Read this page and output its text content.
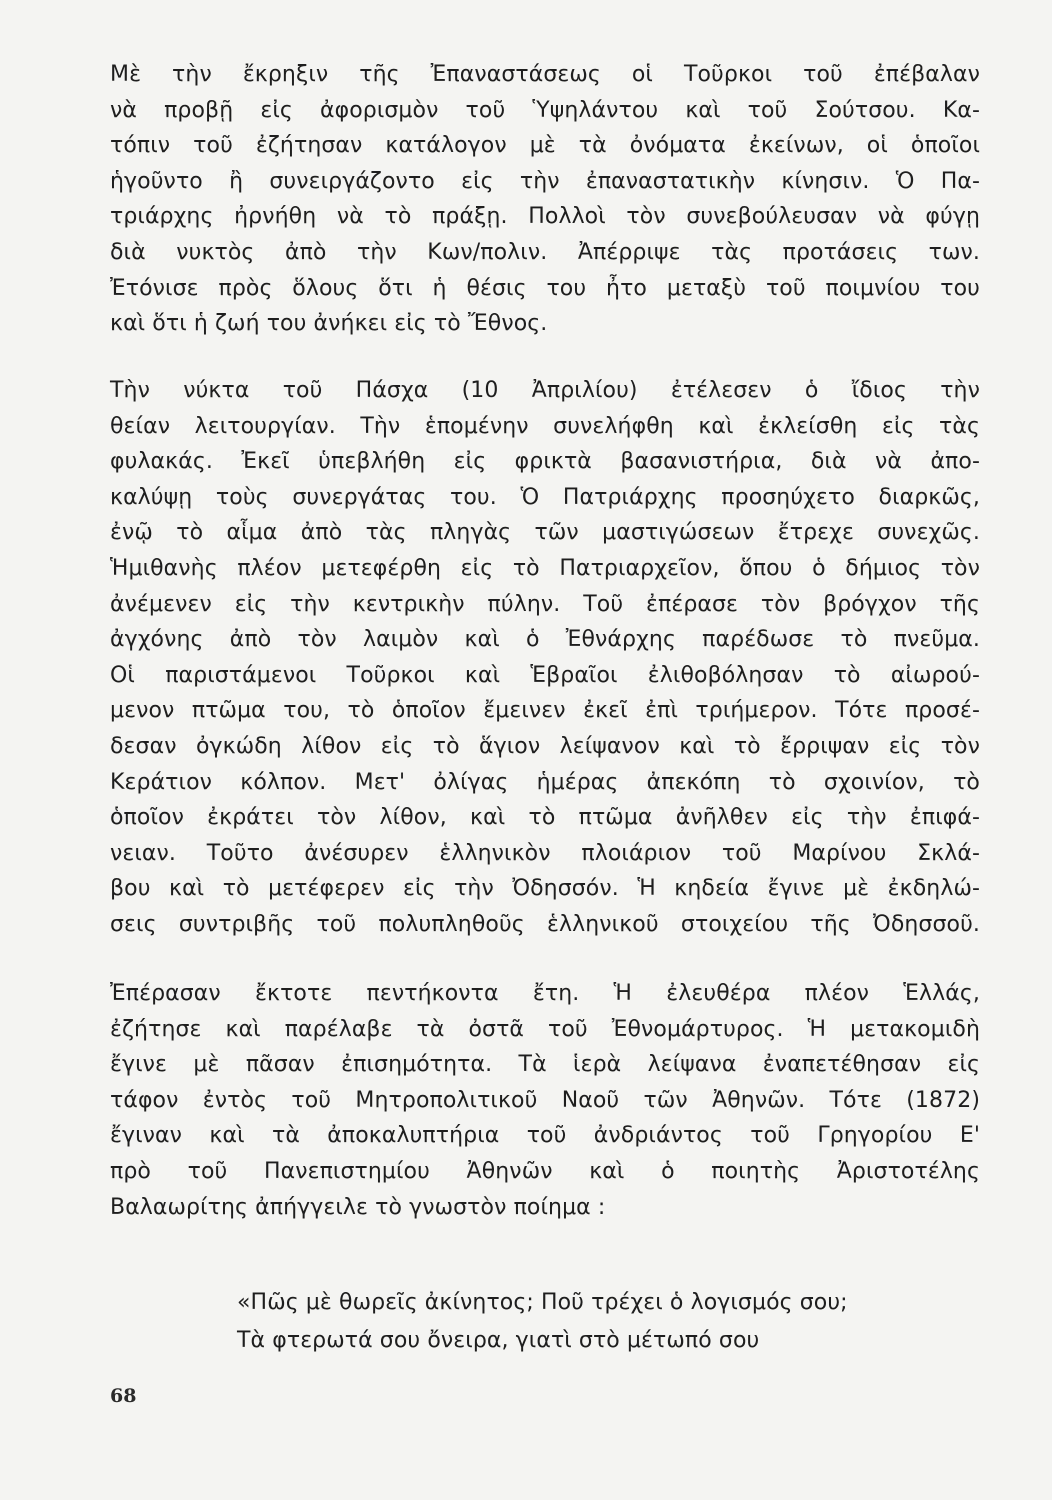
Μὲ τὴν ἔκρηξιν τῆς Ἐπαναστάσεως οἱ Τοῦρκοι τοῦ ἐπέβαλαν
νὰ προβῇ εἰς ἀφορισμὸν τοῦ Ὑψηλάντου καὶ τοῦ Σούτσου. Κα-
τόπιν τοῦ ἐζήτησαν κατάλογον μὲ τὰ ὀνόματα ἐκείνων, οἱ ὁποῖοι
ἡγοῦντο ἢ συνειργάζοντο εἰς τὴν ἐπαναστατικὴν κίνησιν. Ὁ Πα-
τριάρχης ἠρνήθη νὰ τὸ πράξῃ. Πολλοὶ τὸν συνεβούλευσαν νὰ φύγῃ
διὰ νυκτὸς ἀπὸ τὴν Κων/πολιν. Ἀπέρριψε τὰς προτάσεις των.
Ἐτόνισε πρὸς ὅλους ὅτι ἡ θέσις του ἦτο μεταξὺ τοῦ ποιμνίου του
καὶ ὅτι ἡ ζωή του ἀνήκει εἰς τὸ Ἔθνος.
Τὴν νύκτα τοῦ Πάσχα (10 Ἀπριλίου) ἐτέλεσεν ὁ ἴδιος τὴν
θείαν λειτουργίαν. Τὴν ἑπομένην συνελήφθη καὶ ἐκλείσθη εἰς τὰς
φυλακάς. Ἐκεῖ ὑπεβλήθη εἰς φρικτὰ βασανιστήρια, διὰ νὰ ἀπο-
καλύψῃ τοὺς συνεργάτας του. Ὁ Πατριάρχης προσηύχετο διαρκῶς,
ἐνῷ τὸ αἷμα ἀπὸ τὰς πληγὰς τῶν μαστιγώσεων ἔτρεχε συνεχῶς.
Ἡμιθανὴς πλέον μετεφέρθη εἰς τὸ Πατριαρχεῖον, ὅπου ὁ δήμιος τὸν
ἀνέμενεν εἰς τὴν κεντρικὴν πύλην. Τοῦ ἐπέρασε τὸν βρόγχον τῆς
ἀγχόνης ἀπὸ τὸν λαιμὸν καὶ ὁ Ἐθνάρχης παρέδωσε τὸ πνεῦμα.
Οἱ παριστάμενοι Τοῦρκοι καὶ Ἑβραῖοι ἐλιθοβόλησαν τὸ αἰωρού-
μενον πτῶμα του, τὸ ὁποῖον ἔμεινεν ἐκεῖ ἐπὶ τριήμερον. Τότε προσέ-
δεσαν ὀγκώδη λίθον εἰς τὸ ἅγιον λείψανον καὶ τὸ ἔρριψαν εἰς τὸν
Κεράτιον κόλπον. Μετ' ὀλίγας ἡμέρας ἀπεκόπη τὸ σχοινίον, τὸ
ὁποῖον ἐκράτει τὸν λίθον, καὶ τὸ πτῶμα ἀνῆλθεν εἰς τὴν ἐπιφά-
νειαν. Τοῦτο ἀνέσυρεν ἑλληνικὸν πλοιάριον τοῦ Μαρίνου Σκλά-
βου καὶ τὸ μετέφερεν εἰς τὴν Ὀδησσόν. Ἡ κηδεία ἔγινε μὲ ἐκδηλώ-
σεις συντριβῆς τοῦ πολυπληθοῦς ἑλληνικοῦ στοιχείου τῆς Ὀδησσοῦ.
Ἐπέρασαν ἔκτοτε πεντήκοντα ἔτη. Ἡ ἐλευθέρα πλέον Ἑλλάς,
ἐζήτησε καὶ παρέλαβε τὰ ὀστᾶ τοῦ Ἐθνομάρτυρος. Ἡ μετακομιδὴ
ἔγινε μὲ πᾶσαν ἐπισημότητα. Τὰ ἱερὰ λείψανα ἐναπετέθησαν εἰς
τάφον ἐντὸς τοῦ Μητροπολιτικοῦ Ναοῦ τῶν Ἀθηνῶν. Τότε (1872)
ἔγιναν καὶ τὰ ἀποκαλυπτήρια τοῦ ἀνδριάντος τοῦ Γρηγορίου Ε'
πρὸ τοῦ Πανεπιστημίου Ἀθηνῶν καὶ ὁ ποιητὴς Ἀριστοτέλης
Βαλαωρίτης ἀπήγγειλε τὸ γνωστὸν ποίημα :
«Πῶς μὲ θωρεῖς ἀκίνητος; Ποῦ τρέχει ὁ λογισμός σου;
Τὰ φτερωτά σου ὄνειρα, γιατὶ στὸ μέτωπό σου
68
